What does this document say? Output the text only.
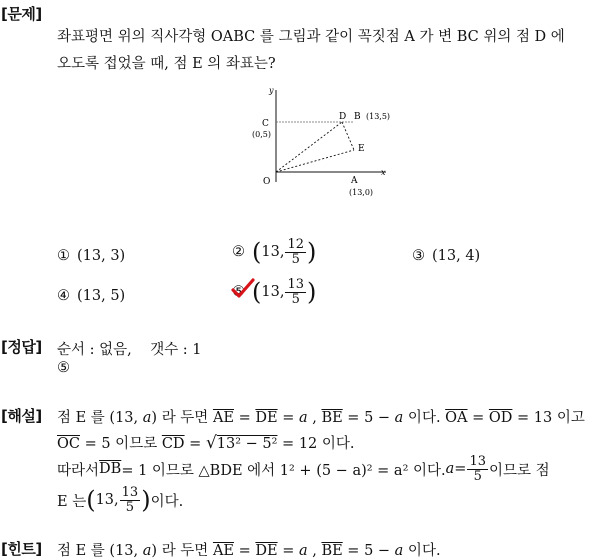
[문제]
[정답]
[해설]
[힌트]
좌표평면 위의 직사각형 OABC 를 그림과 같이 꼭짓점 A 가 변 BC 위의 점 D 에
오도록 접었을 때, 점 E 의 좌표는?
y
x
C
(0,5)
D B (13,5)
E
O	A
(13,0)
① (13, 3)	② ( 13, $\frac{12}{5}$ )	③ (13, 4)
④ (13, 5)	⑤ ( 13, $\frac{13}{5}$ )
순서 : 없음, 갯수 : 1
⑤
점 E 를 (13, a) 라 두면 $\overline{AE} = \overline{DE} = a$ , $\overline{BE} = 5 - a$ 이다. $\overline{OA} = \overline{OD} = 13$ 이고
$\overline{OC} = 5$ 이므로 $\overline{CD} = √13^2 - 5^2 = 12$ 이다.
따라서 $\overline{DB} = 1$ 이므로 △BDE 에서 1² + (5 − a)² = a² 이다. $a = \frac{13}{5}$ 이므로 점
E 는 ( 13, $\frac{13}{5}$ ) 이다.
점 E 를 (13, a) 라 두면 $\overline{AE} = \overline{DE} = a$ , $\overline{BE} = 5 - a$ 이다.
